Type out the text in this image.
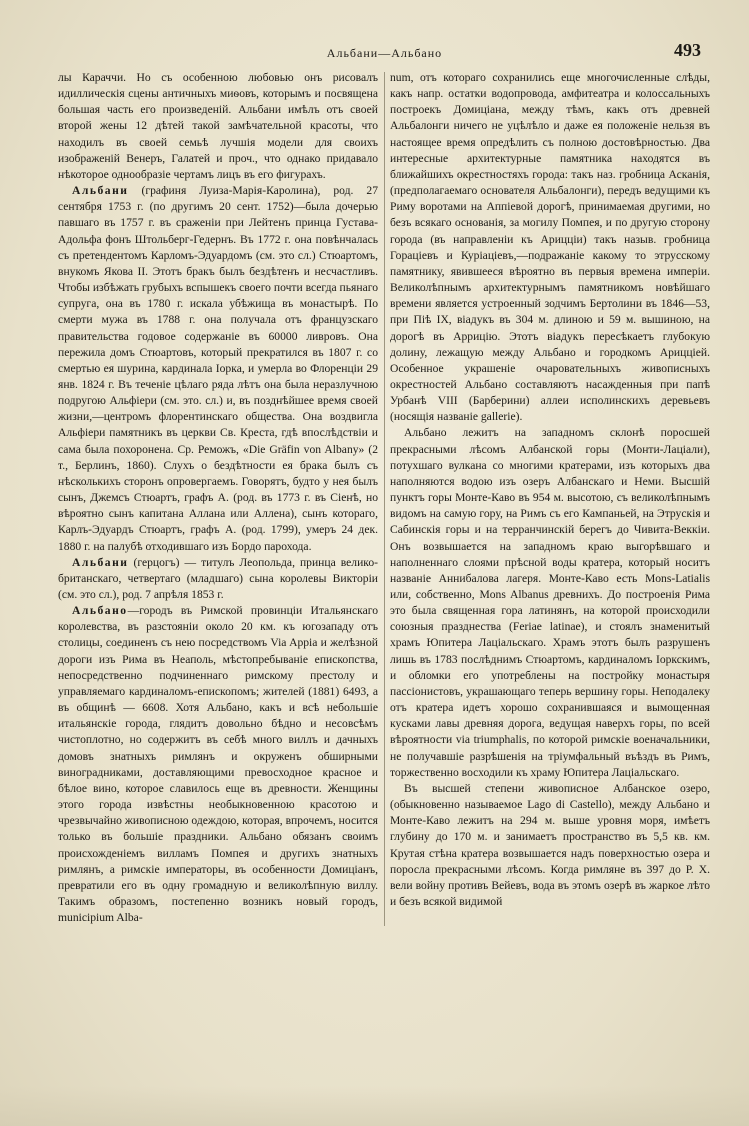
Альбани—Альбано	493

лы Караччи. Но съ особенною любовью онъ рисовалъ идиллическія сцены античныхъ миѳовъ, которымъ и посвящена большая часть его произведеній. Альбани имѣлъ отъ своей второй жены 12 дѣтей такой замѣчательной красоты, что находилъ въ своей семьѣ лучшія модели для своихъ изображеній Венеръ, Галатей и проч., что однако придавало нѣкоторое однообразіе чертамъ лицъ въ его фигурахъ.

Альбани (графиня Луиза-Марія-Каролина), род. 27 сентября 1753 г. (по другимъ 20 сент. 1752)—была дочерью павшаго въ 1757 г. въ сраженіи при Лейтенъ принца Густава-Адольфа фонъ Штольберг-Гедернъ. Въ 1772 г. она повѣнчалась съ претендентомъ Карломъ-Эдуардомъ (см. это сл.) Стюартомъ, внукомъ Якова II. Этотъ бракъ былъ бездѣтенъ и несчастливъ. Чтобы избѣжать грубыхъ вспышекъ своего почти всегда пьянаго супруга, она въ 1780 г. искала убѣжища въ монастырѣ. По смерти мужа въ 1788 г. она получала отъ французскаго правительства годовое содержаніе въ 60000 ливровъ. Она пережила домъ Стюартовъ, который прекратился въ 1807 г. со смертью ея шурина, кардинала Іорка, и умерла во Флоренціи 29 янв. 1824 г. Въ теченіе цѣлаго ряда лѣтъ она была неразлучною подругою Альфіери (см. это. сл.) и, въ позднѣйшее время своей жизни,—центромъ флорентинскаго общества. Она воздвигла Альфіери памятникъ въ церкви Св. Креста, гдѣ впослѣдствіи и сама была похоронена. Ср. Реможъ, «Die Gräfin von Albany» (2 т., Берлинъ, 1860). Слухъ о бездѣтности ея брака былъ съ нѣсколькихъ сторонъ опровергаемъ. Говорятъ, будто у нея былъ сынъ, Джемсъ Стюартъ, графъ А. (род. въ 1773 г. въ Сіенѣ, но вѣроятно сынъ капитана Аллана или Аллена), сынъ котораго, Карлъ-Эдуардъ Стюартъ, графъ А. (род. 1799), умеръ 24 дек. 1880 г. на палубѣ отходившаго изъ Бордо парохода.

Альбани (герцогъ) — титулъ Леопольда, принца велико-британскаго, четвертаго (младшаго) сына королевы Викторіи (см. это сл.), род. 7 апрѣля 1853 г.

Альбано—городъ въ Римской провинціи Итальянскаго королевства, въ разстояніи около 20 км. къ югозападу отъ столицы, соединенъ съ нею посредствомъ Via Appia и желѣзной дороги изъ Рима въ Неаполь, мѣстопребываніе епископства, непосредственно подчиненнаго римскому престолу и управляемаго кардиналомъ-епископомъ; жителей (1881) 6493, а въ общинѣ — 6608. Хотя Альбано, какъ и всѣ небольшіе итальянскіе города, глядитъ довольно бѣдно и несовсѣмъ чистоплотно, но содержитъ въ себѣ много виллъ и дачныхъ домовъ знатныхъ римлянъ и окруженъ обширными виноградниками, доставляющими превосходное красное и бѣлое вино, которое славилось еще въ древности. Женщины этого города извѣстны необыкновенною красотою и чрезвычайно живописною одеждою, которая, впрочемъ, носится только въ большіе праздники. Альбано обязанъ своимъ происхожденіемъ вилламъ Помпея и другихъ знатныхъ римлянъ, а римскіе императоры, въ особенности Домиціанъ, превратили его въ одну громадную и великолѣпную виллу. Такимъ образомъ, постепенно возникъ новый городъ, municipium Alba-

num, отъ котораго сохранились еще многочисленные слѣды, какъ напр. остатки водопровода, амфитеатра и колоссальныхъ построекъ Домиціана, между тѣмъ, какъ отъ древней Альбалонги ничего не уцѣлѣло и даже ея положеніе нельзя въ настоящее время опредѣлить съ полною достовѣрностью. Два интересные архитектурные памятника находятся въ ближайшихъ окрестностяхъ города: такъ наз. гробница Асканія, (предполагаемаго основателя Альбалонги), передъ ведущими къ Риму воротами на Аппіевой дорогѣ, принимаемая другими, но безъ всякаго основанія, за могилу Помпея, и по другую сторону города (въ направленіи къ Арицціи) такъ назыв. гробница Гораціевъ и Куріаціевъ,—подражаніе какому то этрусскому памятнику, явившееся вѣроятно въ первыя времена имперіи. Великолѣпнымъ архитектурнымъ памятникомъ новѣйшаго времени является устроенный зодчимъ Бертолини въ 1846—53, при Піѣ IX, віадукъ въ 304 м. длиною и 59 м. вышиною, на дорогѣ въ Аррицію. Этотъ віадукъ пересѣкаетъ глубокую долину, лежащую между Альбано и городкомъ Арицціей. Особенное украшеніе очаровательныхъ живописныхъ окрестностей Альбано составляютъ насажденныя при папѣ Урбанѣ VIII (Барберини) аллеи исполинскихъ деревьевъ (носящія названіе gallerie).

Альбано лежитъ на западномъ склонѣ поросшей прекрасными лѣсомъ Албанской горы (Монти-Лаціали), потухшаго вулкана со многими кратерами, изъ которыхъ два наполняются водою изъ озеръ Албанскаго и Неми. Высшій пунктъ горы Монте-Каво въ 954 м. высотою, съ великолѣпнымъ видомъ на самую гору, на Римъ съ его Кампаньей, на Этрускія и Сабинскія горы и на терранчинскій берегъ до Чивита-Веккіи. Онъ возвышается на западномъ краю выгорѣвшаго и наполненнаго слоями прѣсной воды кратера, который носитъ названіе Аннибалова лагеря. Монте-Каво есть Mons-Latialis или, собственно, Mons Albanus древнихъ. До построенія Рима это была священная гора латинянъ, на которой происходили союзныя празднества (Feriae latinae), и стоялъ знаменитый храмъ Юпитера Лаціальскаго. Храмъ этотъ былъ разрушенъ лишь въ 1783 послѣднимъ Стюартомъ, кардиналомъ Іоркскимъ, и обломки его употреблены на постройку монастыря пассіонистовъ, украшающаго теперь вершину горы. Неподалеку отъ кратера идетъ хорошо сохранившаяся и вымощенная кусками лавы древняя дорога, ведущая наверхъ горы, по всей вѣроятности via triumphalis, по которой римскіе военачальники, не получавшіе разрѣшенія на тріумфальный въѣздъ въ Римъ, торжественно восходили къ храму Юпитера Лаціальскаго.

Въ высшей степени живописное Албанское озеро, (обыкновенно называемое Lago di Castello), между Альбано и Монте-Каво лежитъ на 294 м. выше уровня моря, имѣетъ глубину до 170 м. и занимаетъ пространство въ 5,5 кв. км. Крутая стѣна кратера возвышается надъ поверхностью озера и поросла прекрасными лѣсомъ. Когда римляне въ 397 до Р. Х. вели войну противъ Вейевъ, вода въ этомъ озерѣ въ жаркое лѣто и безъ всякой видимой
